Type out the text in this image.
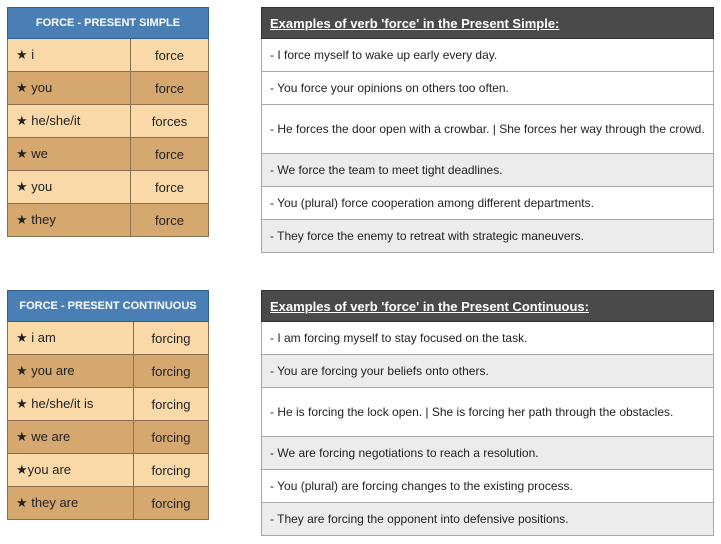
FORCE - PRESENT SIMPLE	
★ i	force
★ you	force
★ he/she/it	forces
★ we	force
★ you	force
★ they	force
Examples of verb 'force' in the Present Simple:
- I force myself to wake up early every day.
- You force your opinions on others too often.
- He forces the door open with a crowbar. | She forces her way through the crowd.
- We force the team to meet tight deadlines.
- You (plural) force cooperation among different departments.
- They force the enemy to retreat with strategic maneuvers.
FORCE - PRESENT CONTINUOUS	
★ i am	forcing
★ you are	forcing
★ he/she/it is	forcing
★ we are	forcing
★you are	forcing
★ they are	forcing
Examples of verb 'force' in the Present Continuous:
- I am forcing myself to stay focused on the task.
- You are forcing your beliefs onto others.
- He is forcing the lock open. | She is forcing her path through the obstacles.
- We are forcing negotiations to reach a resolution.
- You (plural) are forcing changes to the existing process.
- They are forcing the opponent into defensive positions.
